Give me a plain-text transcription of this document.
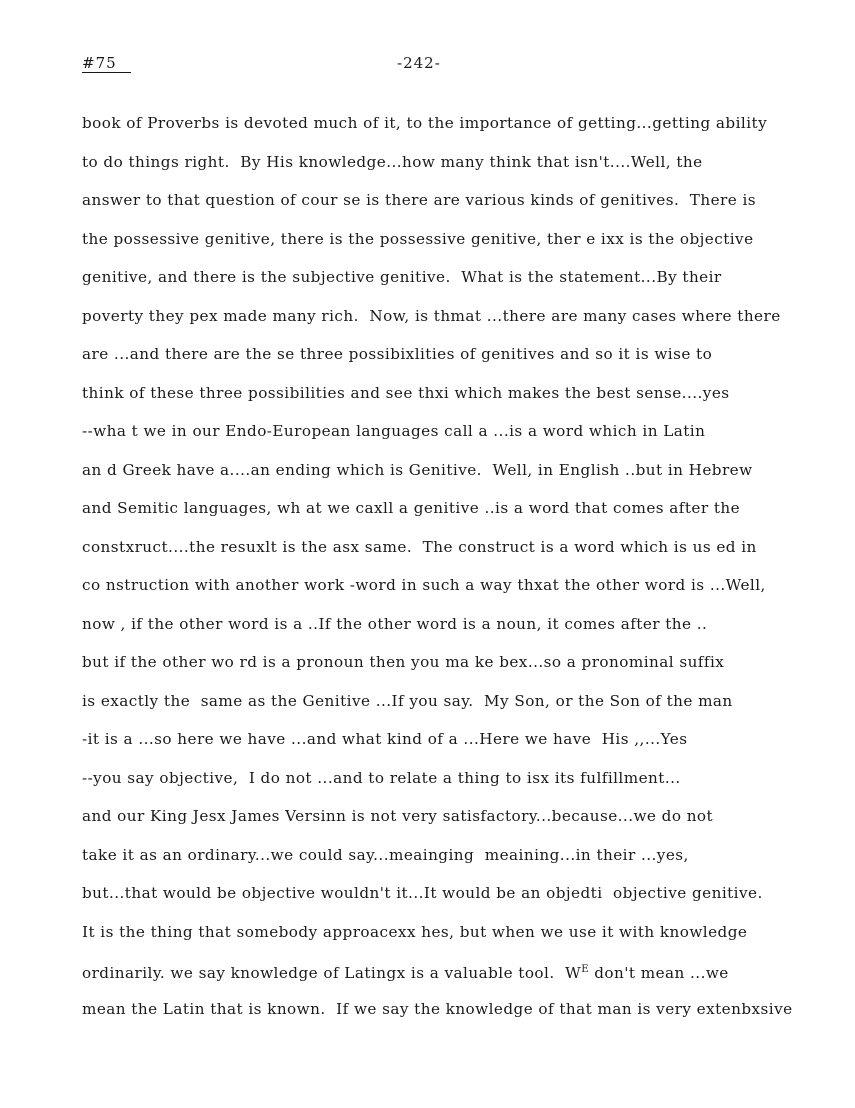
#75	-242-
book of Proverbs is devoted much of it, to the importance of getting...getting ability
to do things right.  By His knowledge...how many think that isn't....Well, the
answer to that question of cour se is there are various kinds of genitives.  There is
the possessive genitive, there is the possessive genitive, ther e ixx is the objective
genitive, and there is the subjective genitive.  What is the statement...By their
poverty they pex made many rich.  Now, is thmat ...there are many cases where there
are ...and there are the se three possibixlities of genitives and so it is wise to
think of these three possibilities and see thxi which makes the best sense....yes
--wha t we in our Endo-European languages call a ...is a word which in Latin
an d Greek have a....an ending which is Genitive.  Well, in English ..but in Hebrew
and Semitic languages, wh at we caxll a genitive ..is a word that comes after the
constxruct....the resuxlt is the asx same.  The construct is a word which is us ed in
co nstruction with another work -word in such a way thxat the other word is ...Well,
now , if the other word is a ..If the other word is a noun, it comes after the ..
but if the other wo rd is a pronoun then you ma ke bex...so a pronominal suffix
is exactly the  same as the Genitive ...If you say.  My Son, or the Son of the man
-it is a ...so here we have ...and what kind of a ...Here we have  His ,,...Yes
--you say objective,  I do not ...and to relate a thing to isx its fulfillment...
and our King Jesx James Versinn is not very satisfactory...because...we do not
take it as an ordinary...we could say...meainging  meaining...in their ...yes,
but...that would be objective wouldn't it...It would be an objedti  objective genitive.
It is the thing that somebody approacexx hes, but when we use it with knowledge
ordinarily. we say knowledge of Latingx is a valuable tool.  $W^E$ don't mean ...we
mean the Latin that is known.  If we say the knowledge of that man is very extenbxsive
